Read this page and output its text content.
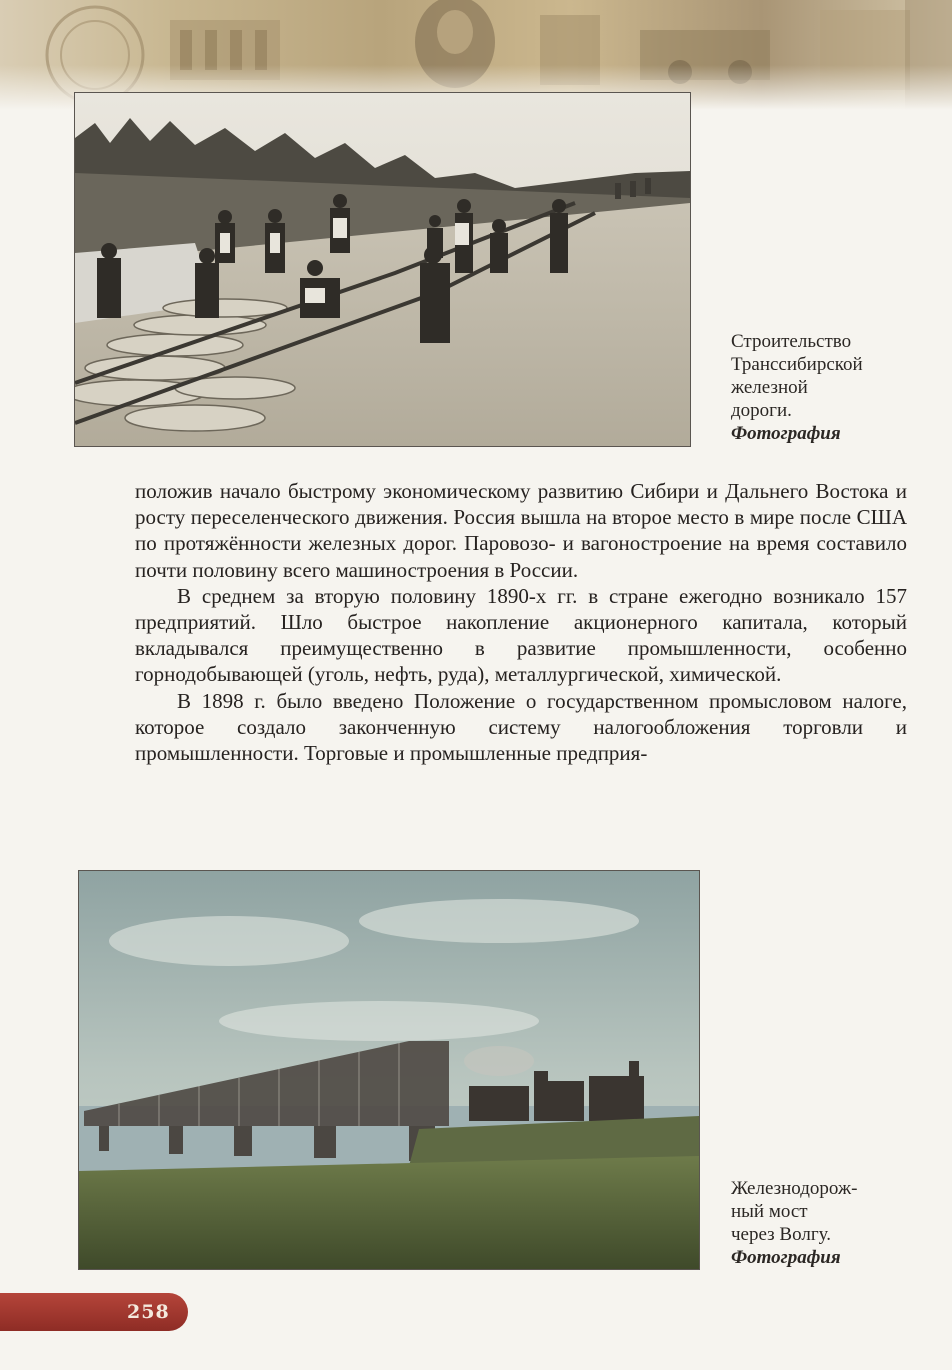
Строительство
Транссибирской
железной
дороги.
Фотография

положив начало быстрому экономическому развитию Сибири и Дальнего Востока и росту переселенческого движения. Россия вышла на второе место в мире после США по протяжённости железных дорог. Паровозо- и вагоностроение на время составило почти половину всего машиностроения в России.

В среднем за вторую половину 1890-х гг. в стране ежегодно возникало 157 предприятий. Шло быстрое накопление акционерного капитала, который вкладывался преимущественно в развитие промышленности, особенно горнодобывающей (уголь, нефть, руда), металлургической, химической.

В 1898 г. было введено Положение о государственном промысловом налоге, которое создало законченную систему налогообложения торговли и промышленности. Торговые и промышленные предприя-

Железнодорож-
ный мост
через Волгу.
Фотография
258
